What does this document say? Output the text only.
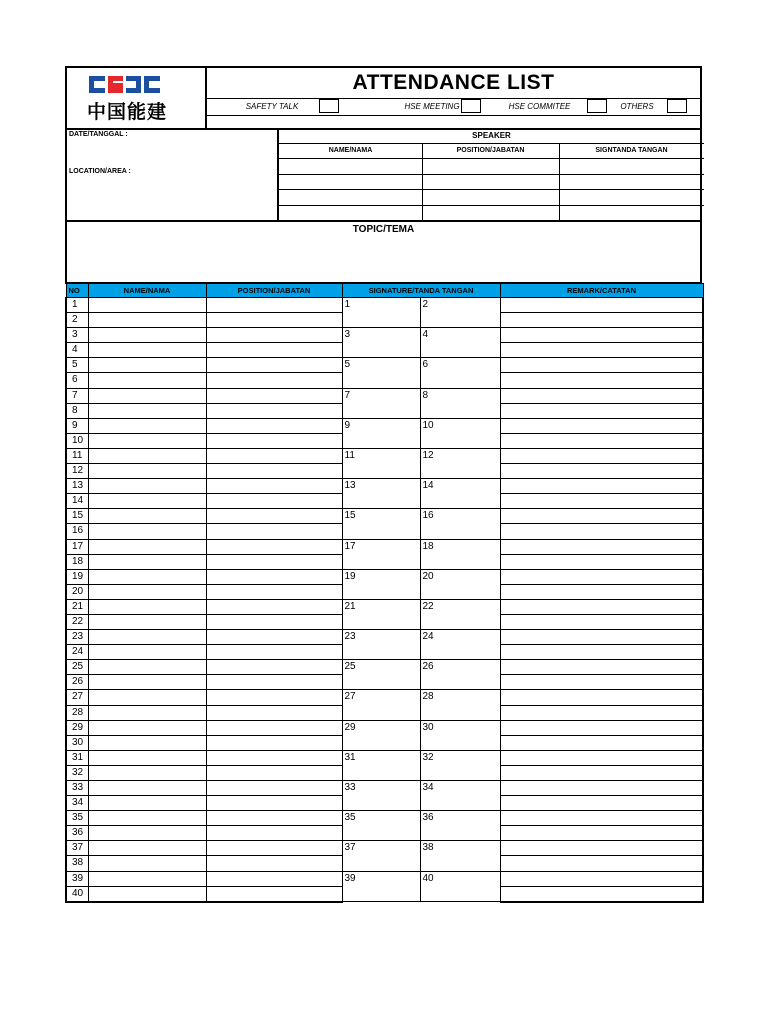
中国能建
ATTENDANCE LIST
SAFETY TALK	HSE MEETING	HSE COMMITEE	OTHERS
DATE/TANGGAL :
LOCATION/AREA :
SPEAKER
NAME/NAMA	POSITION/JABATAN	SIGNTANDA TANGAN
TOPIC/TEMA
NO	NAME/NAMA	POSITION/JABATAN	SIGNATURE/TANDA TANGAN		REMARK/CATATAN
1			1	2	
2					
3			3	4	
4					
5			5	6	
6					
7			7	8	
8					
9			9	10	
10					
11			11	12	
12					
13			13	14	
14					
15			15	16	
16					
17			17	18	
18					
19			19	20	
20					
21			21	22	
22					
23			23	24	
24					
25			25	26	
26					
27			27	28	
28					
29			29	30	
30					
31			31	32	
32					
33			33	34	
34					
35			35	36	
36					
37			37	38	
38					
39			39	40	
40					
